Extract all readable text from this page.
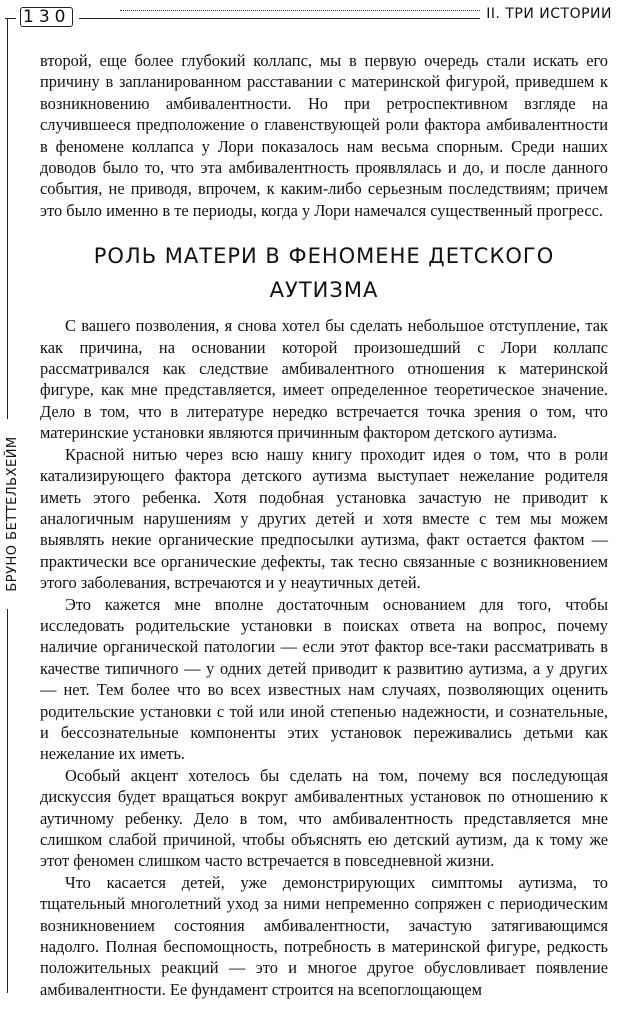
130	II. ТРИ ИСТОРИИ
БРУНО БЕТТЕЛЬХЕЙМ

второй, еще более глубокий коллапс, мы в первую очередь стали искать его причину в запланированном расставании с материнской фигурой, приведшем к возникновению амбивалентности. Но при ретроспективном взгляде на случившееся предположение о главенствующей роли фактора амбивалентности в феномене коллапса у Лори показалось нам весьма спорным. Среди наших доводов было то, что эта амбивалентность проявлялась и до, и после данного события, не приводя, впрочем, к каким-либо серьезным последствиям; причем это было именно в те периоды, когда у Лори намечался существенный прогресс.

РОЛЬ МАТЕРИ В ФЕНОМЕНЕ ДЕТСКОГО АУТИЗМА

С вашего позволения, я снова хотел бы сделать небольшое отступление, так как причина, на основании которой произошедший с Лори коллапс рассматривался как следствие амбивалентного отношения к материнской фигуре, как мне представляется, имеет определенное теоретическое значение. Дело в том, что в литературе нередко встречается точка зрения о том, что материнские установки являются причинным фактором детского аутизма.

Красной нитью через всю нашу книгу проходит идея о том, что в роли катализирующего фактора детского аутизма выступает нежелание родителя иметь этого ребенка. Хотя подобная установка зачастую не приводит к аналогичным нарушениям у других детей и хотя вместе с тем мы можем выявлять некие органические предпосылки аутизма, факт остается фактом — практически все органические дефекты, так тесно связанные с возникновением этого заболевания, встречаются и у неаутичных детей.

Это кажется мне вполне достаточным основанием для того, чтобы исследовать родительские установки в поисках ответа на вопрос, почему наличие органической патологии — если этот фактор все-таки рассматривать в качестве типичного — у одних детей приводит к развитию аутизма, а у других — нет. Тем более что во всех известных нам случаях, позволяющих оценить родительские установки с той или иной степенью надежности, и сознательные, и бессознательные компоненты этих установок переживались детьми как нежелание их иметь.

Особый акцент хотелось бы сделать на том, почему вся последующая дискуссия будет вращаться вокруг амбивалентных установок по отношению к аутичному ребенку. Дело в том, что амбивалентность представляется мне слишком слабой причиной, чтобы объяснять ею детский аутизм, да к тому же этот феномен слишком часто встречается в повседневной жизни.

Что касается детей, уже демонстрирующих симптомы аутизма, то тщательный многолетний уход за ними непременно сопряжен с периодическим возникновением состояния амбивалентности, зачастую затягивающимся надолго. Полная беспомощность, потребность в материнской фигуре, редкость положительных реакций — это и многое другое обусловливает появление амбивалентности. Ее фундамент строится на всепоглощающем
